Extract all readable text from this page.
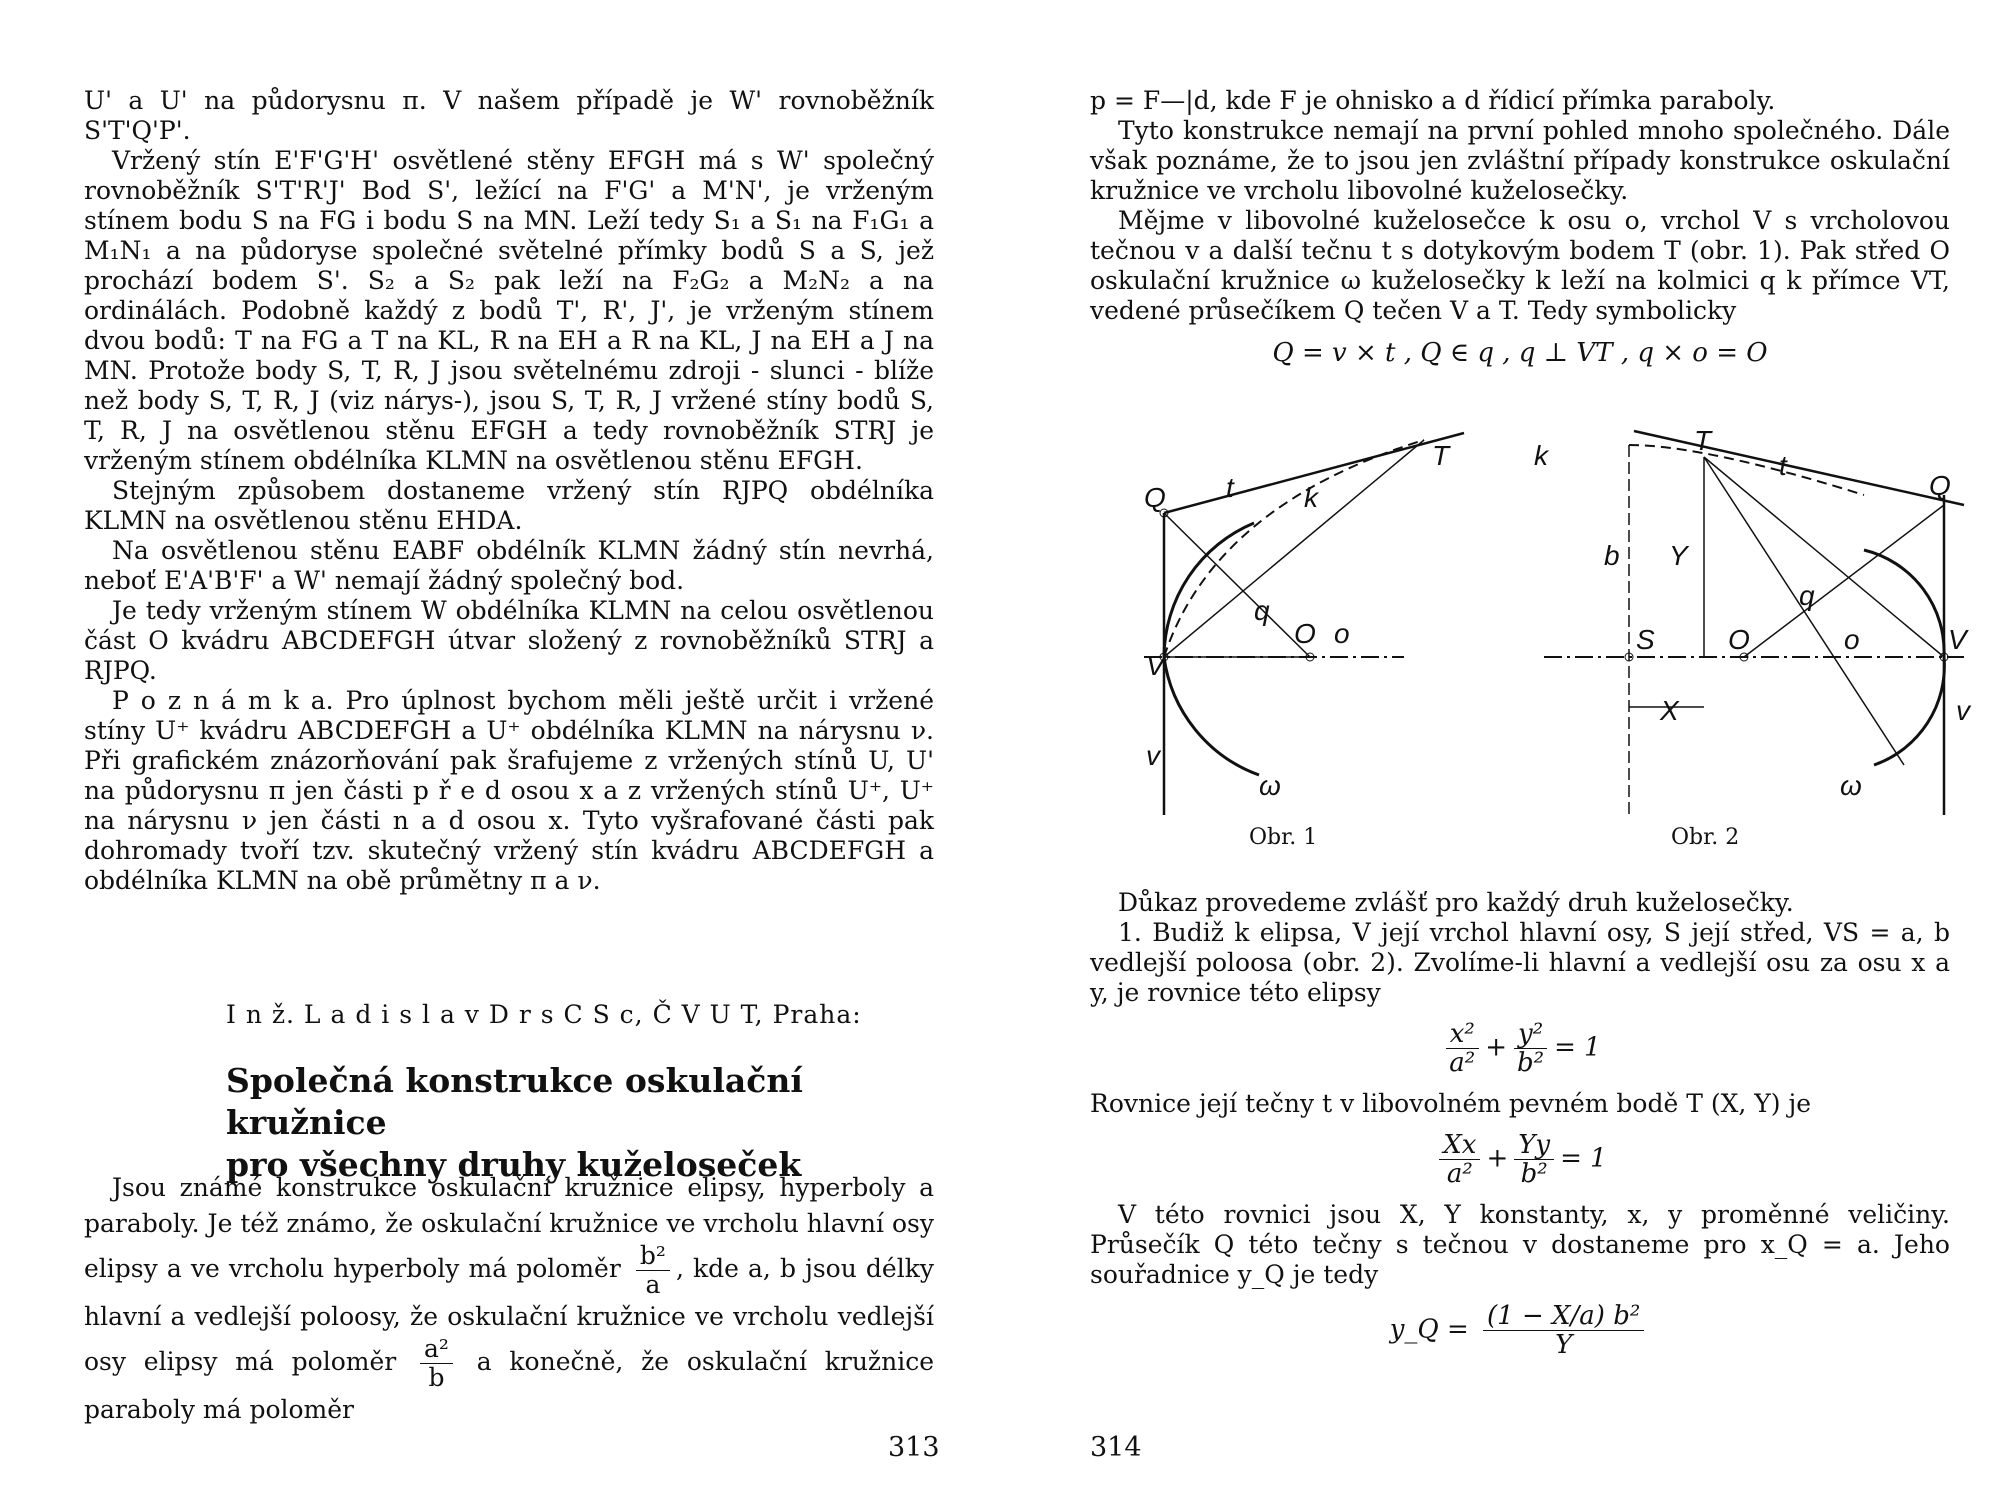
U' a U' na půdorysnu π. V našem případě je W' rovnoběžník S'T'Q'P'.

Vržený stín E'F'G'H' osvětlené stěny EFGH má s W' společný rovnoběžník S'T'R'J' Bod S', ležící na F'G' a M'N', je vrženým stínem bodu S na FG i bodu S na MN. Leží tedy S₁ a S₁ na F₁G₁ a M₁N₁ a na půdoryse společné světelné přímky bodů S a S, jež prochází bodem S'. S₂ a S₂ pak leží na F₂G₂ a M₂N₂ a na ordinálách. Podobně každý z bodů T', R', J', je vrženým stínem dvou bodů: T na FG a T na KL, R na EH a R na KL, J na EH a J na MN. Protože body S, T, R, J jsou světelnému zdroji - slunci - blíže než body S, T, R, J (viz nárys-), jsou S, T, R, J vržené stíny bodů S, T, R, J na osvětlenou stěnu EFGH a tedy rovnoběžník STRJ je vrženým stínem obdélníka KLMN na osvětlenou stěnu EFGH.

Stejným způsobem dostaneme vržený stín RJPQ obdélníka KLMN na osvětlenou stěnu EHDA.

Na osvětlenou stěnu EABF obdélník KLMN žádný stín nevrhá, neboť E'A'B'F' a W' nemají žádný společný bod.

Je tedy vrženým stínem W obdélníka KLMN na celou osvětlenou část O kvádru ABCDEFGH útvar složený z rovnoběžníků STRJ a RJPQ.

P o z n á m k a. Pro úplnost bychom měli ještě určit i vržené stíny U⁺ kvádru ABCDEFGH a U⁺ obdélníka KLMN na nárysnu ν. Při grafickém znázorňování pak šrafujeme z vržených stínů U, U' na půdorysnu π jen části p ř e d osou x a z vržených stínů U⁺, U⁺ na nárysnu ν jen části n a d osou x. Tyto vyšrafované části pak dohromady tvoří tzv. skutečný vržený stín kvádru ABCDEFGH a obdélníka KLMN na obě průmětny π a ν.

I n ž. L a d i s l a v D r s C S c, Č V U T, Praha:
Společná konstrukce oskulační kružnice
pro všechny druhy kuželoseček
Jsou známé konstrukce oskulační kružnice elipsy, hyperboly a paraboly. Je též známo, že oskulační kružnice ve vrcholu hlavní osy elipsy a ve vrcholu hyperboly má poloměr $\frac{\text{b²}}{a}$ , kde a, b jsou délky hlavní a vedlejší poloosy, že oskulační kružnice ve vrcholu vedlejší osy elipsy má poloměr $\frac{\text{a²}}{b}$ a konečně, že oskulační kružnice paraboly má poloměr
313

p = F—|d, kde F je ohnisko a d řídicí přímka paraboly.

Tyto konstrukce nemají na první pohled mnoho společného. Dále však poznáme, že to jsou jen zvláštní případy konstrukce oskulační kružnice ve vrcholu libovolné kuželosečky.

Mějme v libovolné kuželosečce k osu o, vrchol V s vrcholovou tečnou v a další tečnu t s dotykovým bodem T (obr. 1). Pak střed O oskulační kružnice ω kuželosečky k leží na kolmici q k přímce VT, vedené průsečíkem Q tečen V a T. Tedy symbolicky

Q = v × t , Q ∈ q , q ⊥ VT , q × o = O
t
T
k
Q
q
O o
V
v
ω
k	T
t
Q
b Y
q
S	O	o	V
X	v
ω
Obr. 1	Obr. 2

Důkaz provedeme zvlášť pro každý druh kuželosečky.

1. Budiž k elipsa, V její vrchol hlavní osy, S její střed, VS = a, b vedlejší poloosa (obr. 2). Zvolíme-li hlavní a vedlejší osu za osu x a y, je rovnice této elipsy

$\frac{\text{x²}}{\text{a²}} + \frac{\text{y²}}{\text{b²}} = 1$

Rovnice její tečny t v libovolném pevném bodě T (X, Y) je

$\frac{Xx}{\text{a²}} + \frac{Yy}{\text{b²}} = 1$

V této rovnici jsou X, Y konstanty, x, y proměnné veličiny. Průsečík Q této tečny s tečnou v dostaneme pro x_Q = a. Jeho souřadnice y_Q je tedy

y_Q = $\frac{\text{(1 − X/a) b²}}{Y}$
314
